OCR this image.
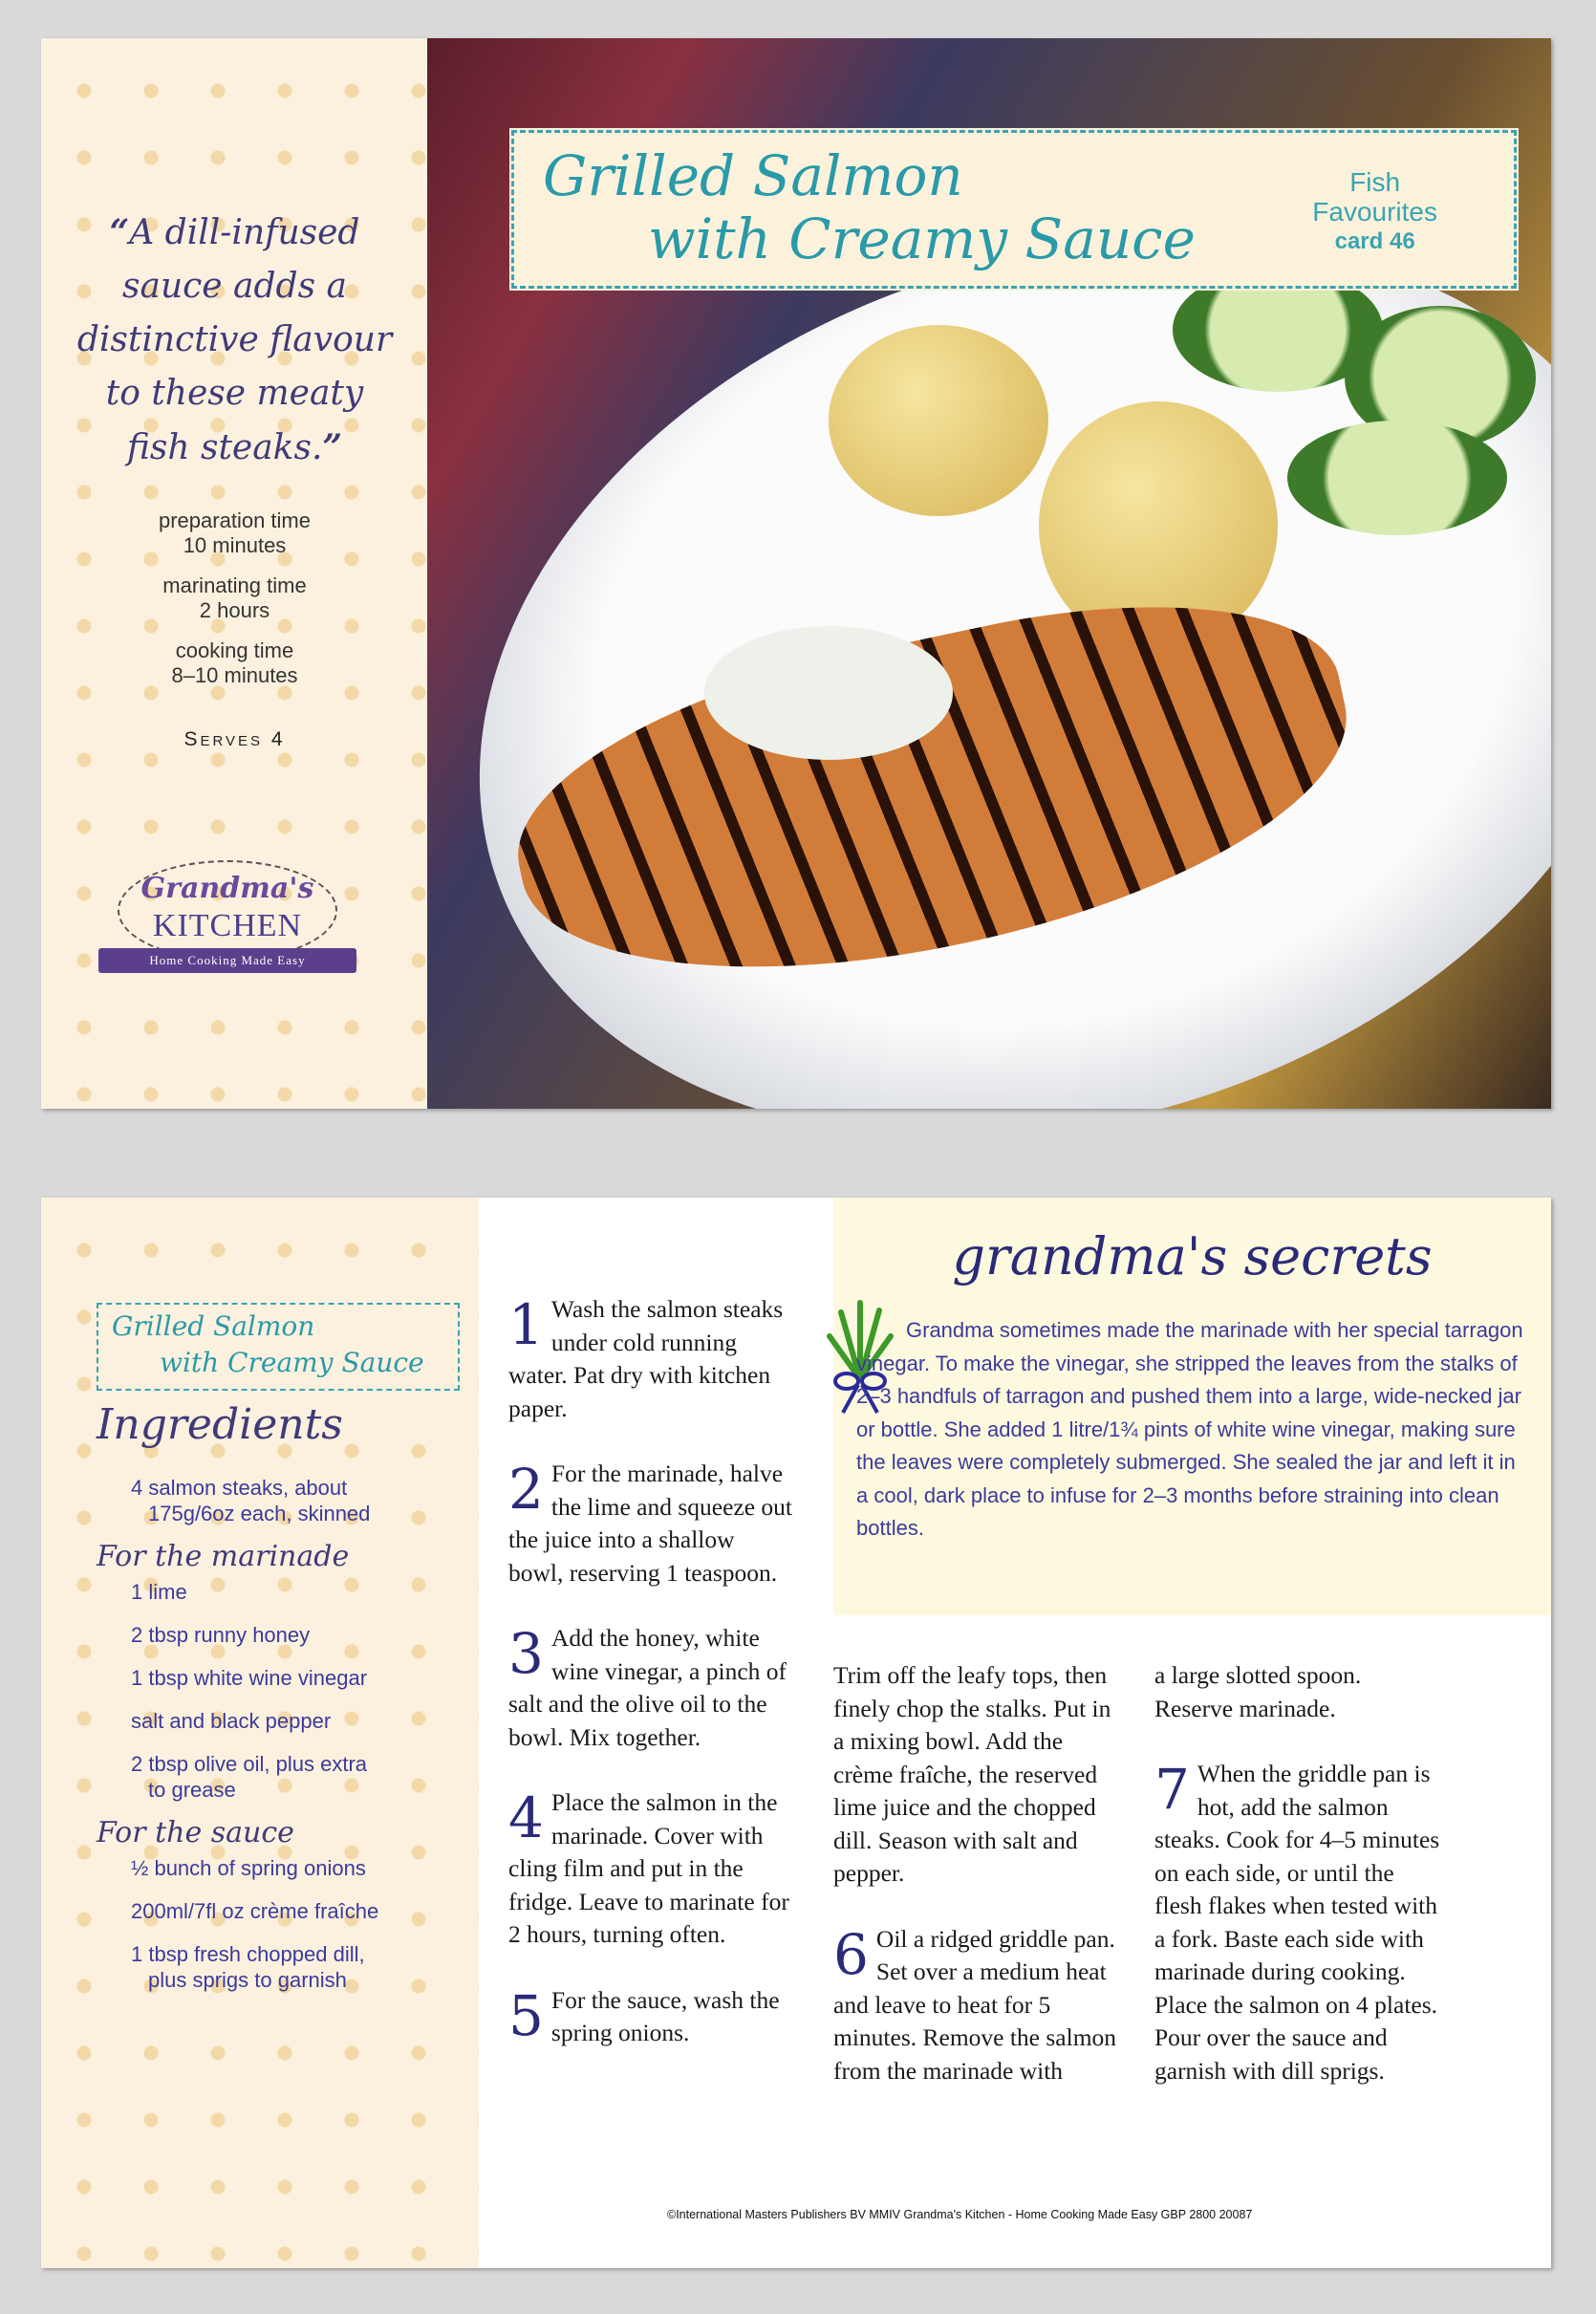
“A dill-infused sauce adds a distinctive flavour to these meaty fish steaks.”
preparation time
10 minutes
marinating time
2 hours
cooking time
8–10 minutes
Serves 4
Grandma's
KITCHEN
Home Cooking Made Easy
Grilled Salmon
with Creamy Sauce
Fish
Favourites
card 46
Grilled Salmon
with Creamy Sauce
Ingredients
4 salmon steaks, about
175g/6oz each, skinned
For the marinade
1 lime
2 tbsp runny honey
1 tbsp white wine vinegar
salt and black pepper
2 tbsp olive oil, plus extra
to grease
For the sauce
½ bunch of spring onions
200ml/7fl oz crème fraîche
1 tbsp fresh chopped dill,
plus sprigs to garnish
grandma's secrets
Grandma sometimes made the marinade with her special tarragon vinegar. To make the vinegar, she stripped the leaves from the stalks of 2–3 handfuls of tarragon and pushed them into a large, wide-necked jar or bottle. She added 1 litre/1¾ pints of white wine vinegar, making sure the leaves were completely submerged. She sealed the jar and left it in a cool, dark place to infuse for 2–3 months before straining into clean bottles.
1 Wash the salmon steaks under cold running water. Pat dry with kitchen paper.
2 For the marinade, halve the lime and squeeze out the juice into a shallow bowl, reserving 1 teaspoon.
3 Add the honey, white wine vinegar, a pinch of salt and the olive oil to the bowl. Mix together.
4 Place the salmon in the marinade. Cover with cling film and put in the fridge. Leave to marinate for 2 hours, turning often.
5 For the sauce, wash the spring onions.
Trim off the leafy tops, then finely chop the stalks. Put in a mixing bowl. Add the crème fraîche, the reserved lime juice and the chopped dill. Season with salt and pepper.
6 Oil a ridged griddle pan. Set over a medium heat and leave to heat for 5 minutes. Remove the salmon from the marinade with
a large slotted spoon. Reserve marinade.
7 When the griddle pan is hot, add the salmon steaks. Cook for 4–5 minutes on each side, or until the flesh flakes when tested with a fork. Baste each side with marinade during cooking. Place the salmon on 4 plates. Pour over the sauce and garnish with dill sprigs.
©International Masters Publishers BV MMIV Grandma's Kitchen - Home Cooking Made Easy GBP 2800 20087
